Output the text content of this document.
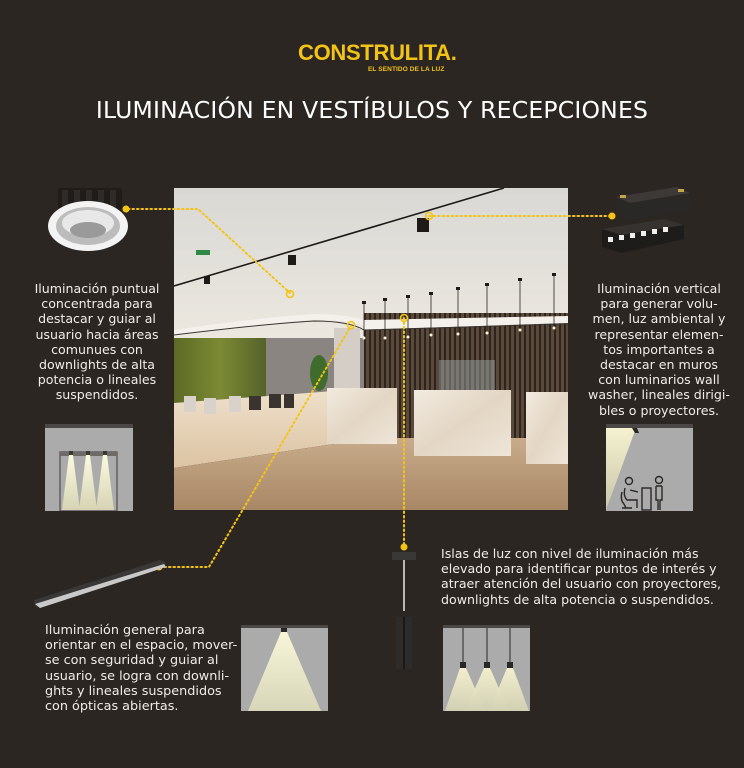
CONSTRULITA.
EL SENTIDO DE LA LUZ
ILUMINACIÓN EN VESTÍBULOS Y RECEPCIONES
Iluminación puntual
concentrada para
destacar y guiar al
usuario hacia áreas
comunues con
downlights de alta
potencia o lineales
suspendidos.
Iluminación vertical
para generar volu-
men, luz ambiental y
representar elemen-
tos importantes a
destacar en muros
con luminarios wall
washer, lineales dirigi-
bles o proyectores.
Iluminación general para
orientar en el espacio, mover-
se con seguridad y guiar al
usuario, se logra con downli-
ghts y lineales suspendidos
con ópticas abiertas.
Islas de luz con nivel de iluminación más
elevado para identificar puntos de interés y
atraer atención del usuario con proyectores,
downlights de alta potencia o suspendidos.
